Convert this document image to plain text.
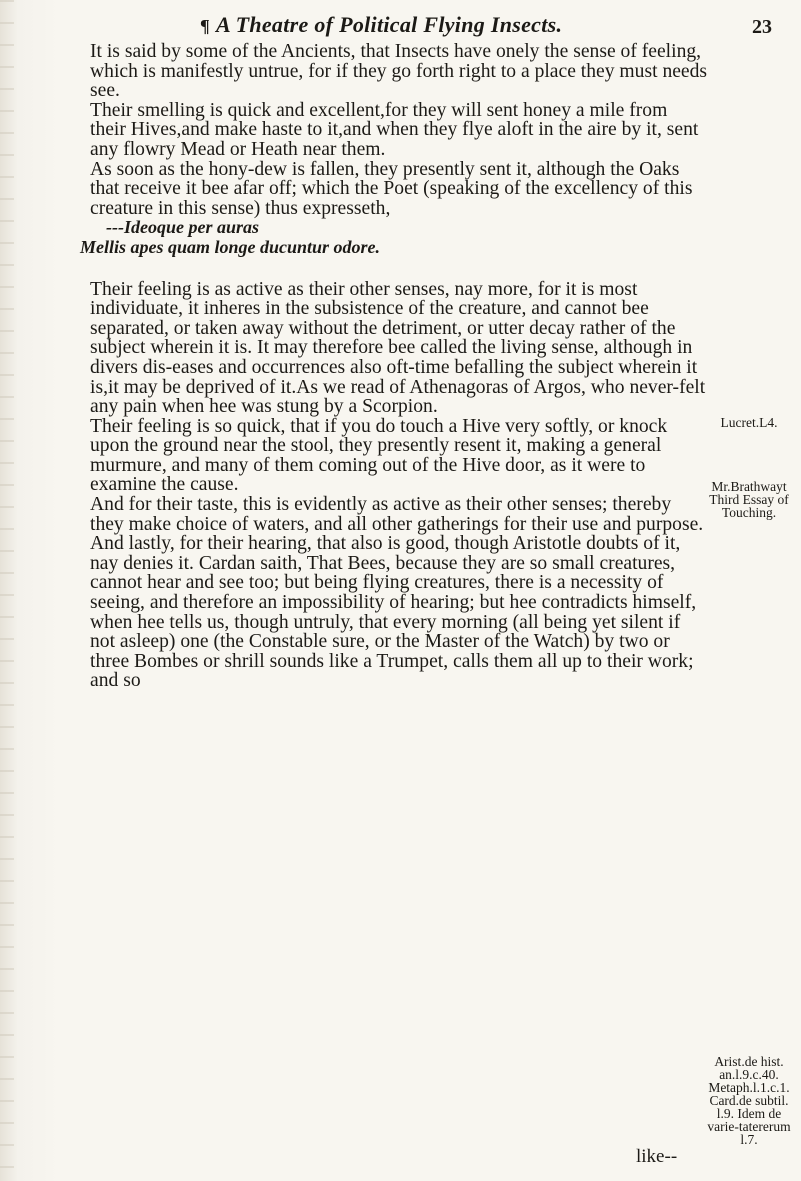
¶ A Theatre of Political Flying Insects.	23

It is said by some of the Ancients, that Insects have onely the sense of feeling, which is manifestly untrue, for if they go forth right to a place they must needs see.

Their smelling is quick and excellent,for they will sent honey a mile from their Hives,and make haste to it,and when they flye aloft in the aire by it, sent any flowry Mead or Heath near them.

As soon as the hony-dew is fallen, they presently sent it, although the Oaks that receive it bee afar off; which the Poet (speaking of the excellency of this creature in this sense) thus expresseth,

---Ideoque per auras

Mellis apes quam longe ducuntur odore.

Their feeling is as active as their other senses, nay more, for it is most individuate, it inheres in the subsistence of the creature, and cannot bee separated, or taken away without the detriment, or utter decay rather of the subject wherein it is. It may therefore bee called the living sense, although in divers dis-eases and occurrences also oft-time befalling the subject wherein it is,it may be deprived of it.As we read of Athenagoras of Argos, who never-felt any pain when hee was stung by a Scorpion.

Their feeling is so quick, that if you do touch a Hive very softly, or knock upon the ground near the stool, they presently resent it, making a general murmure, and many of them coming out of the Hive door, as it were to examine the cause.

And for their taste, this is evidently as active as their other senses; thereby they make choice of waters, and all other gatherings for their use and purpose.

And lastly, for their hearing, that also is good, though Aristotle doubts of it, nay denies it. Cardan saith, That Bees, because they are so small creatures, cannot hear and see too; but being flying creatures, there is a necessity of seeing, and therefore an impossibility of hearing; but hee contradicts himself, when hee tells us, though untruly, that every morning (all being yet silent if not asleep) one (the Constable sure, or the Master of the Watch) by two or three Bombes or shrill sounds like a Trumpet, calls them all up to their work; and so

Lucret.L4.
Mr.Brathwayt Third Essay of Touching.
Arist.de hist. an.l.9.c.40. Metaph.l.1.c.1. Card.de subtil. l.9. Idem de varie-tatererum l.7.
like--
